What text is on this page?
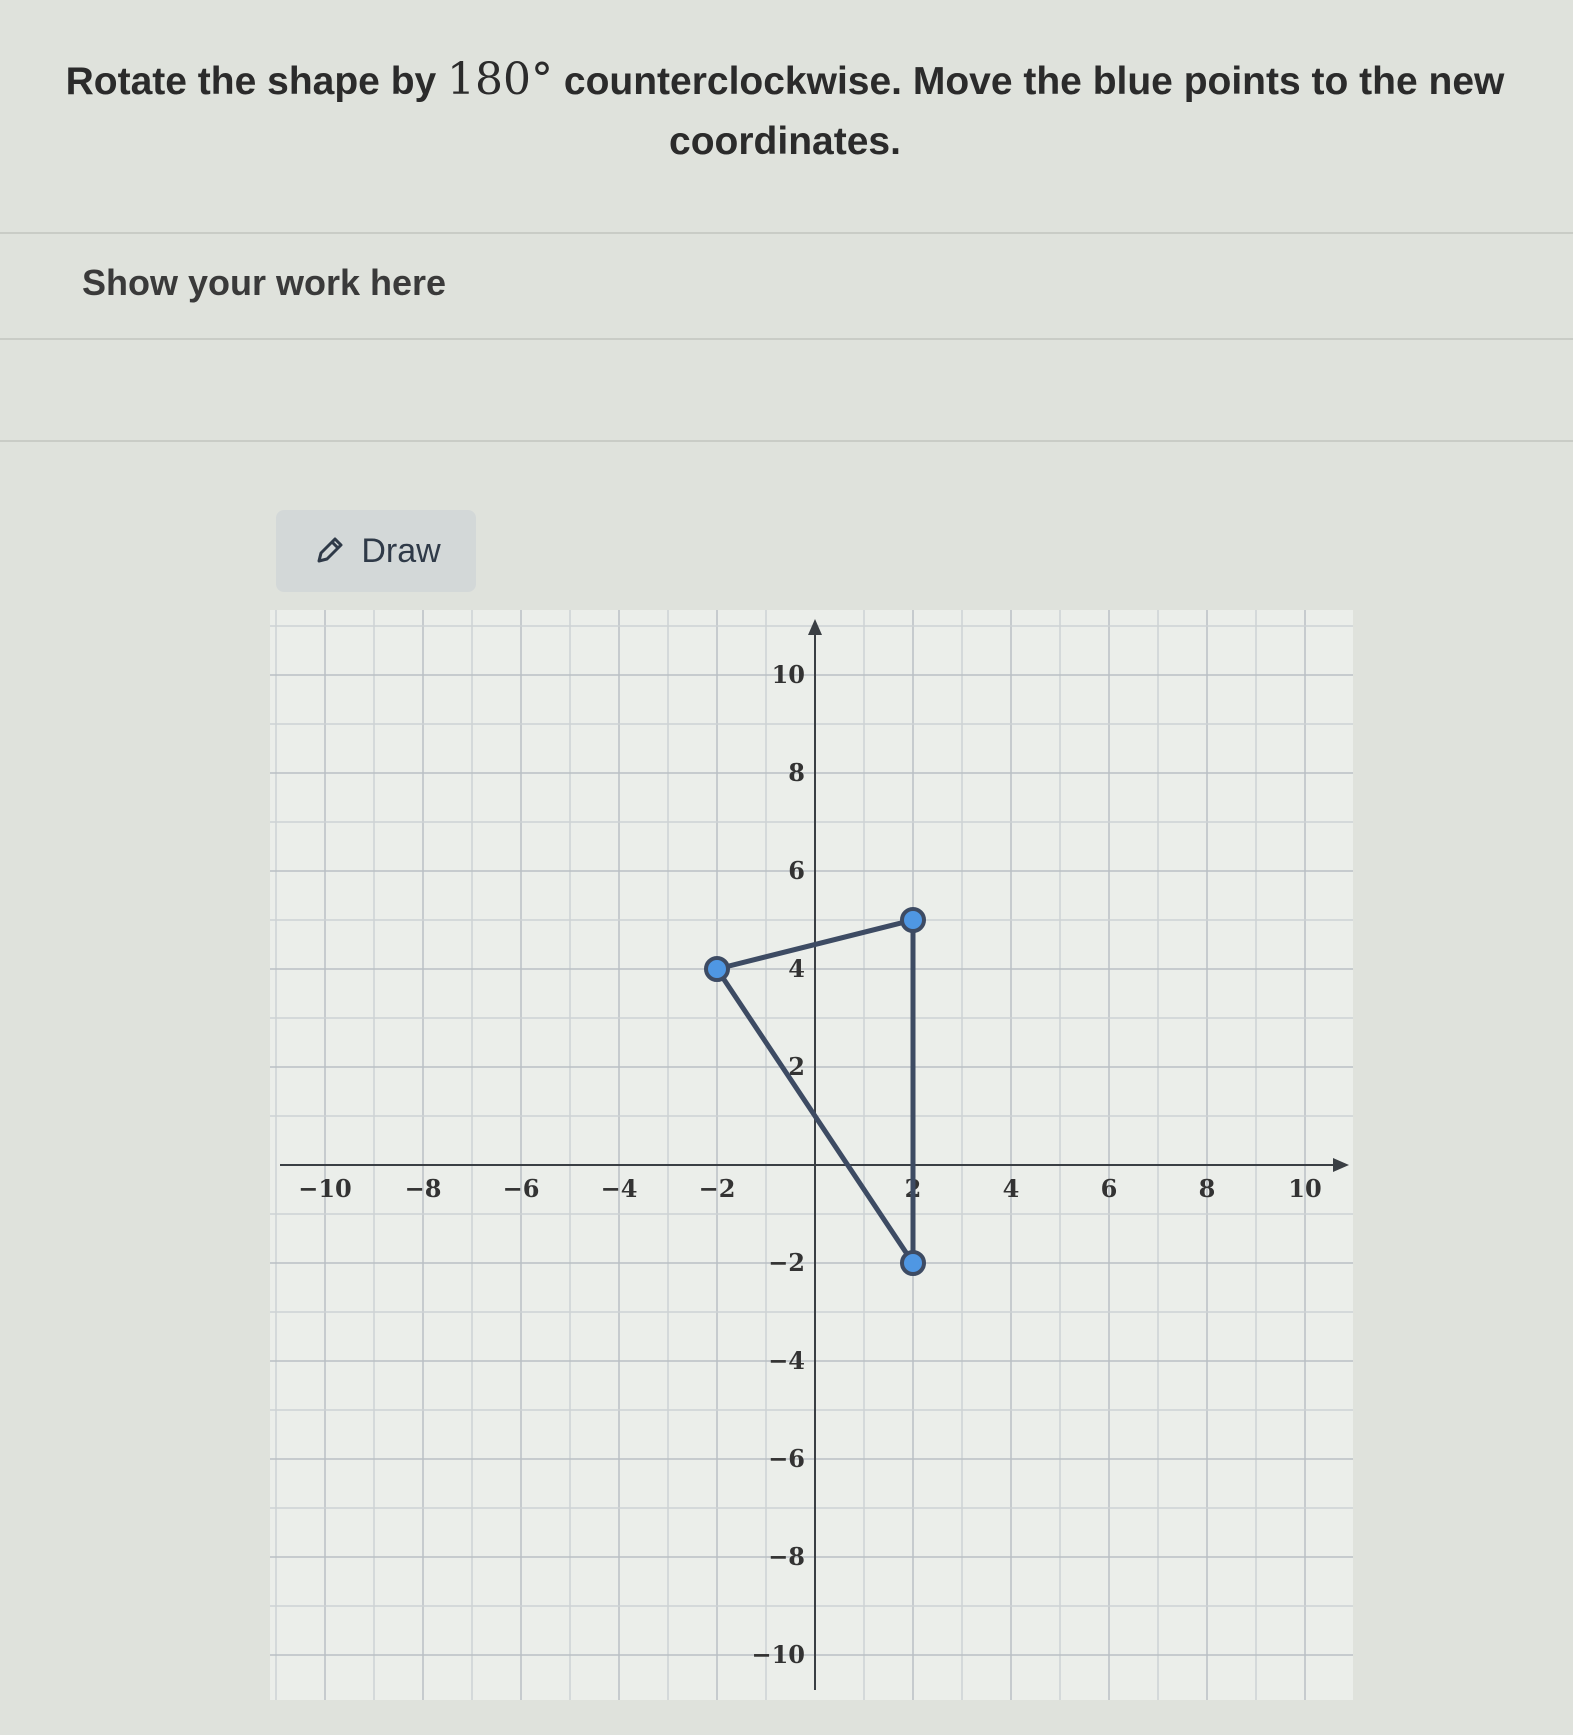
Rotate the shape by 180° counterclockwise. Move the blue points to the new coordinates.
Show your work here
Draw
−10 −8	−6	−4	−2	2	4	6	8	10
10
8
6
4
2
−2
−4
−6
−8
−10
